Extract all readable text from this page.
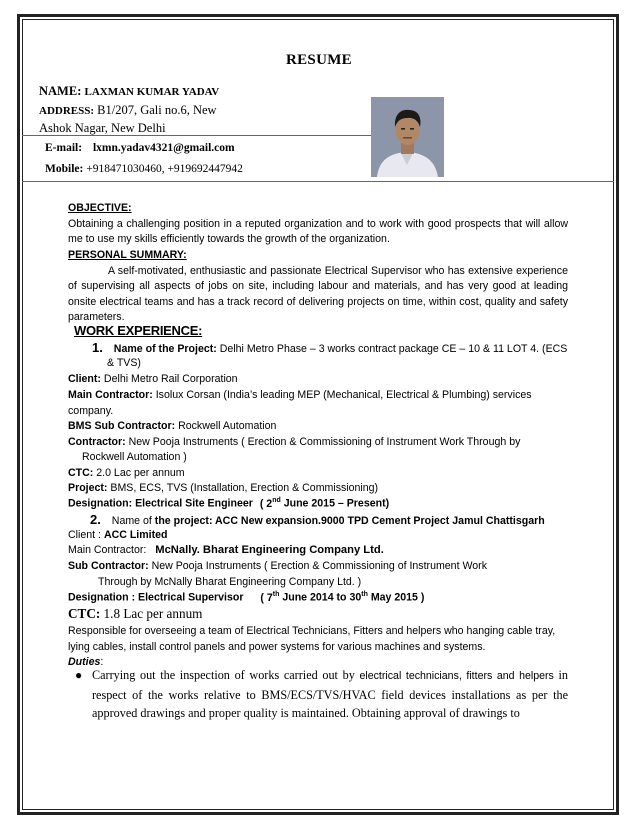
RESUME
NAME: LAXMAN KUMAR YADAV
ADDRESS: B1/207, Gali no.6, New
Ashok Nagar, New Delhi
E-mail: lxmn.yadav4321@gmail.com
Mobile: +918471030460, +919692447942
OBJECTIVE:
Obtaining a challenging position in a reputed organization and to work with good prospects that will allow me to use my skills efficiently towards the growth of the organization.
PERSONAL SUMMARY:
A self-motivated, enthusiastic and passionate Electrical Supervisor who has extensive experience of supervising all aspects of jobs on site, including labour and materials, and has very good at leading onsite electrical teams and has a track record of delivering projects on time, within cost, quality and safety parameters.
WORK EXPERIENCE:
1. Name of the Project: Delhi Metro Phase – 3 works contract package CE – 10 & 11 LOT 4. (ECS
& TVS)
Client: Delhi Metro Rail Corporation
Main Contractor: Isolux Corsan (India’s leading MEP (Mechanical, Electrical & Plumbing) services
company.
BMS Sub Contractor: Rockwell Automation
Contractor: New Pooja Instruments ( Erection & Commissioning of Instrument Work Through by
Rockwell Automation )
CTC: 2.0 Lac per annum
Project: BMS, ECS, TVS (Installation, Erection & Commissioning)
Designation: Electrical Site Engineer ( 2nd June 2015 – Present)
2. Name of the project: ACC New expansion.9000 TPD Cement Project Jamul Chattisgarh
Client : ACC Limited
Main Contractor: McNally. Bharat Engineering Company Ltd.
Sub Contractor: New Pooja Instruments ( Erection & Commissioning of Instrument Work
Through by McNally Bharat Engineering Company Ltd. )
Designation : Electrical Supervisor ( 7th June 2014 to 30th May 2015 )
CTC: 1.8 Lac per annum
Responsible for overseeing a team of Electrical Technicians, Fitters and helpers who hanging cable tray, lying cables, install control panels and power systems for various machines and systems.
Duties:
● Carrying out the inspection of works carried out by electrical technicians, fitters and helpers in respect of the works relative to BMS/ECS/TVS/HVAC field devices installations as per the approved drawings and proper quality is maintained. Obtaining approval of drawings to
